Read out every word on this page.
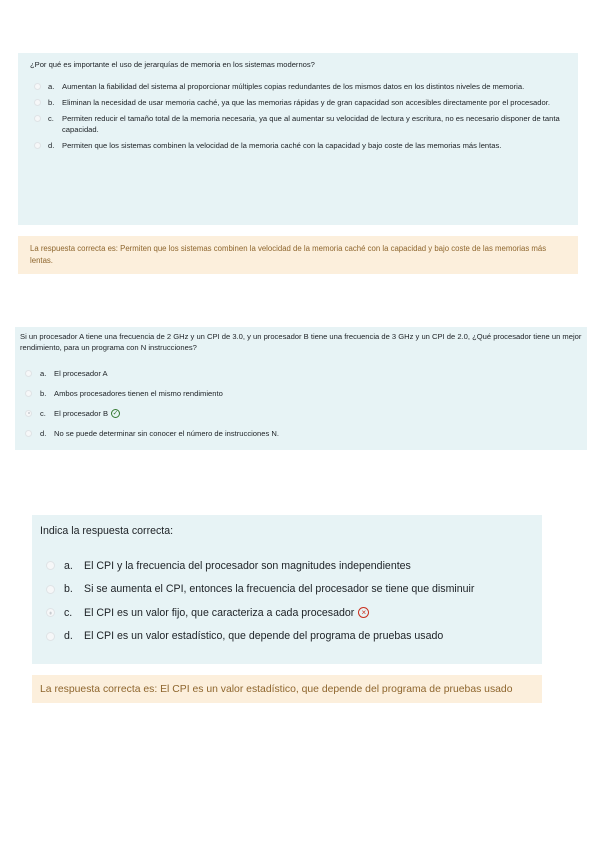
¿Por qué es importante el uso de jerarquías de memoria en los sistemas modernos?

a.	Aumentan la fiabilidad del sistema al proporcionar múltiples copias redundantes de los mismos datos en los distintos niveles de memoria.
b.	Eliminan la necesidad de usar memoria caché, ya que las memorias rápidas y de gran capacidad son accesibles directamente por el procesador.
c.	Permiten reducir el tamaño total de la memoria necesaria, ya que al aumentar su velocidad de lectura y escritura, no es necesario disponer de tanta capacidad.
d.	Permiten que los sistemas combinen la velocidad de la memoria caché con la capacidad y bajo coste de las memorias más lentas.
La respuesta correcta es: Permiten que los sistemas combinen la velocidad de la memoria caché con la capacidad y bajo coste de las memorias más lentas.

Si un procesador A tiene una frecuencia de 2 GHz y un CPI de 3.0, y un procesador B tiene una frecuencia de 3 GHz y un CPI de 2.0, ¿Qué procesador tiene un mejor rendimiento, para un programa con N instrucciones?

a.	El procesador A
b.	Ambos procesadores tienen el mismo rendimiento
c.	El procesador B ✓
d.	No se puede determinar sin conocer el número de instrucciones N.

Indica la respuesta correcta:

a.	El CPI y la frecuencia del procesador son magnitudes independientes
b.	Si se aumenta el CPI, entonces la frecuencia del procesador se tiene que disminuir
c.	El CPI es un valor fijo, que caracteriza a cada procesador ×
d.	El CPI es un valor estadístico, que depende del programa de pruebas usado
La respuesta correcta es: El CPI es un valor estadístico, que depende del programa de pruebas usado
